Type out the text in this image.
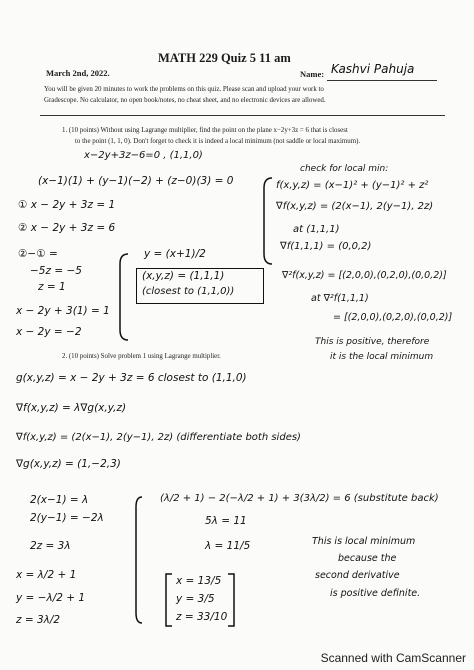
MATH 229 Quiz 5 11 am
March 2nd, 2022.	Name: Kashvi Pahuja
You will be given 20 minutes to work the problems on this quiz. Please scan and upload your work to
Gradescope. No calculator, no open book/notes, no cheat sheet, and no electronic devices are allowed.
1. (10 points) Without using Lagrange multiplier, find the point on the plane x−2y+3z = 6 that is closest
to the point (1, 1, 0). Don't forget to check it is indeed a local minimum (not saddle or local maximum).
x−2y+3z−6=0 , (1,1,0)
(x−1)(1) + (y−1)(−2) + (z−0)(3) = 0
① x − 2y + 3z = 1
② x − 2y + 3z = 6
②−① =
−5z = −5
z = 1
x − 2y + 3(1) = 1
x − 2y = −2
y = (x+1)/2
(x,y,z) = (1,1,1)
(closest to (1,1,0))
check for local min:
f(x,y,z) = (x−1)² + (y−1)² + z²
∇f(x,y,z) = (2(x−1), 2(y−1), 2z)
at (1,1,1)
∇f(1,1,1) = (0,0,2)
∇²f(x,y,z) = [(2,0,0),(0,2,0),(0,0,2)]
at ∇²f(1,1,1)
= [(2,0,0),(0,2,0),(0,0,2)]
This is positive, therefore
it is the local minimum
2. (10 points) Solve problem 1 using Lagrange multiplier.
g(x,y,z) = x − 2y + 3z = 6 closest to (1,1,0)
∇f(x,y,z) = λ∇g(x,y,z)
∇f(x,y,z) = (2(x−1), 2(y−1), 2z) (differentiate both sides)
∇g(x,y,z) = (1,−2,3)
2(x−1) = λ
2(y−1) = −2λ
2z = 3λ
x = λ/2 + 1
y = −λ/2 + 1
z = 3λ/2
(λ/2 + 1) − 2(−λ/2 + 1) + 3(3λ/2) = 6 (substitute back)
5λ = 11
λ = 11/5
x = 13/5
y = 3/5
z = 33/10
This is local minimum
because the
second derivative
is positive definite.
Scanned with CamScanner
